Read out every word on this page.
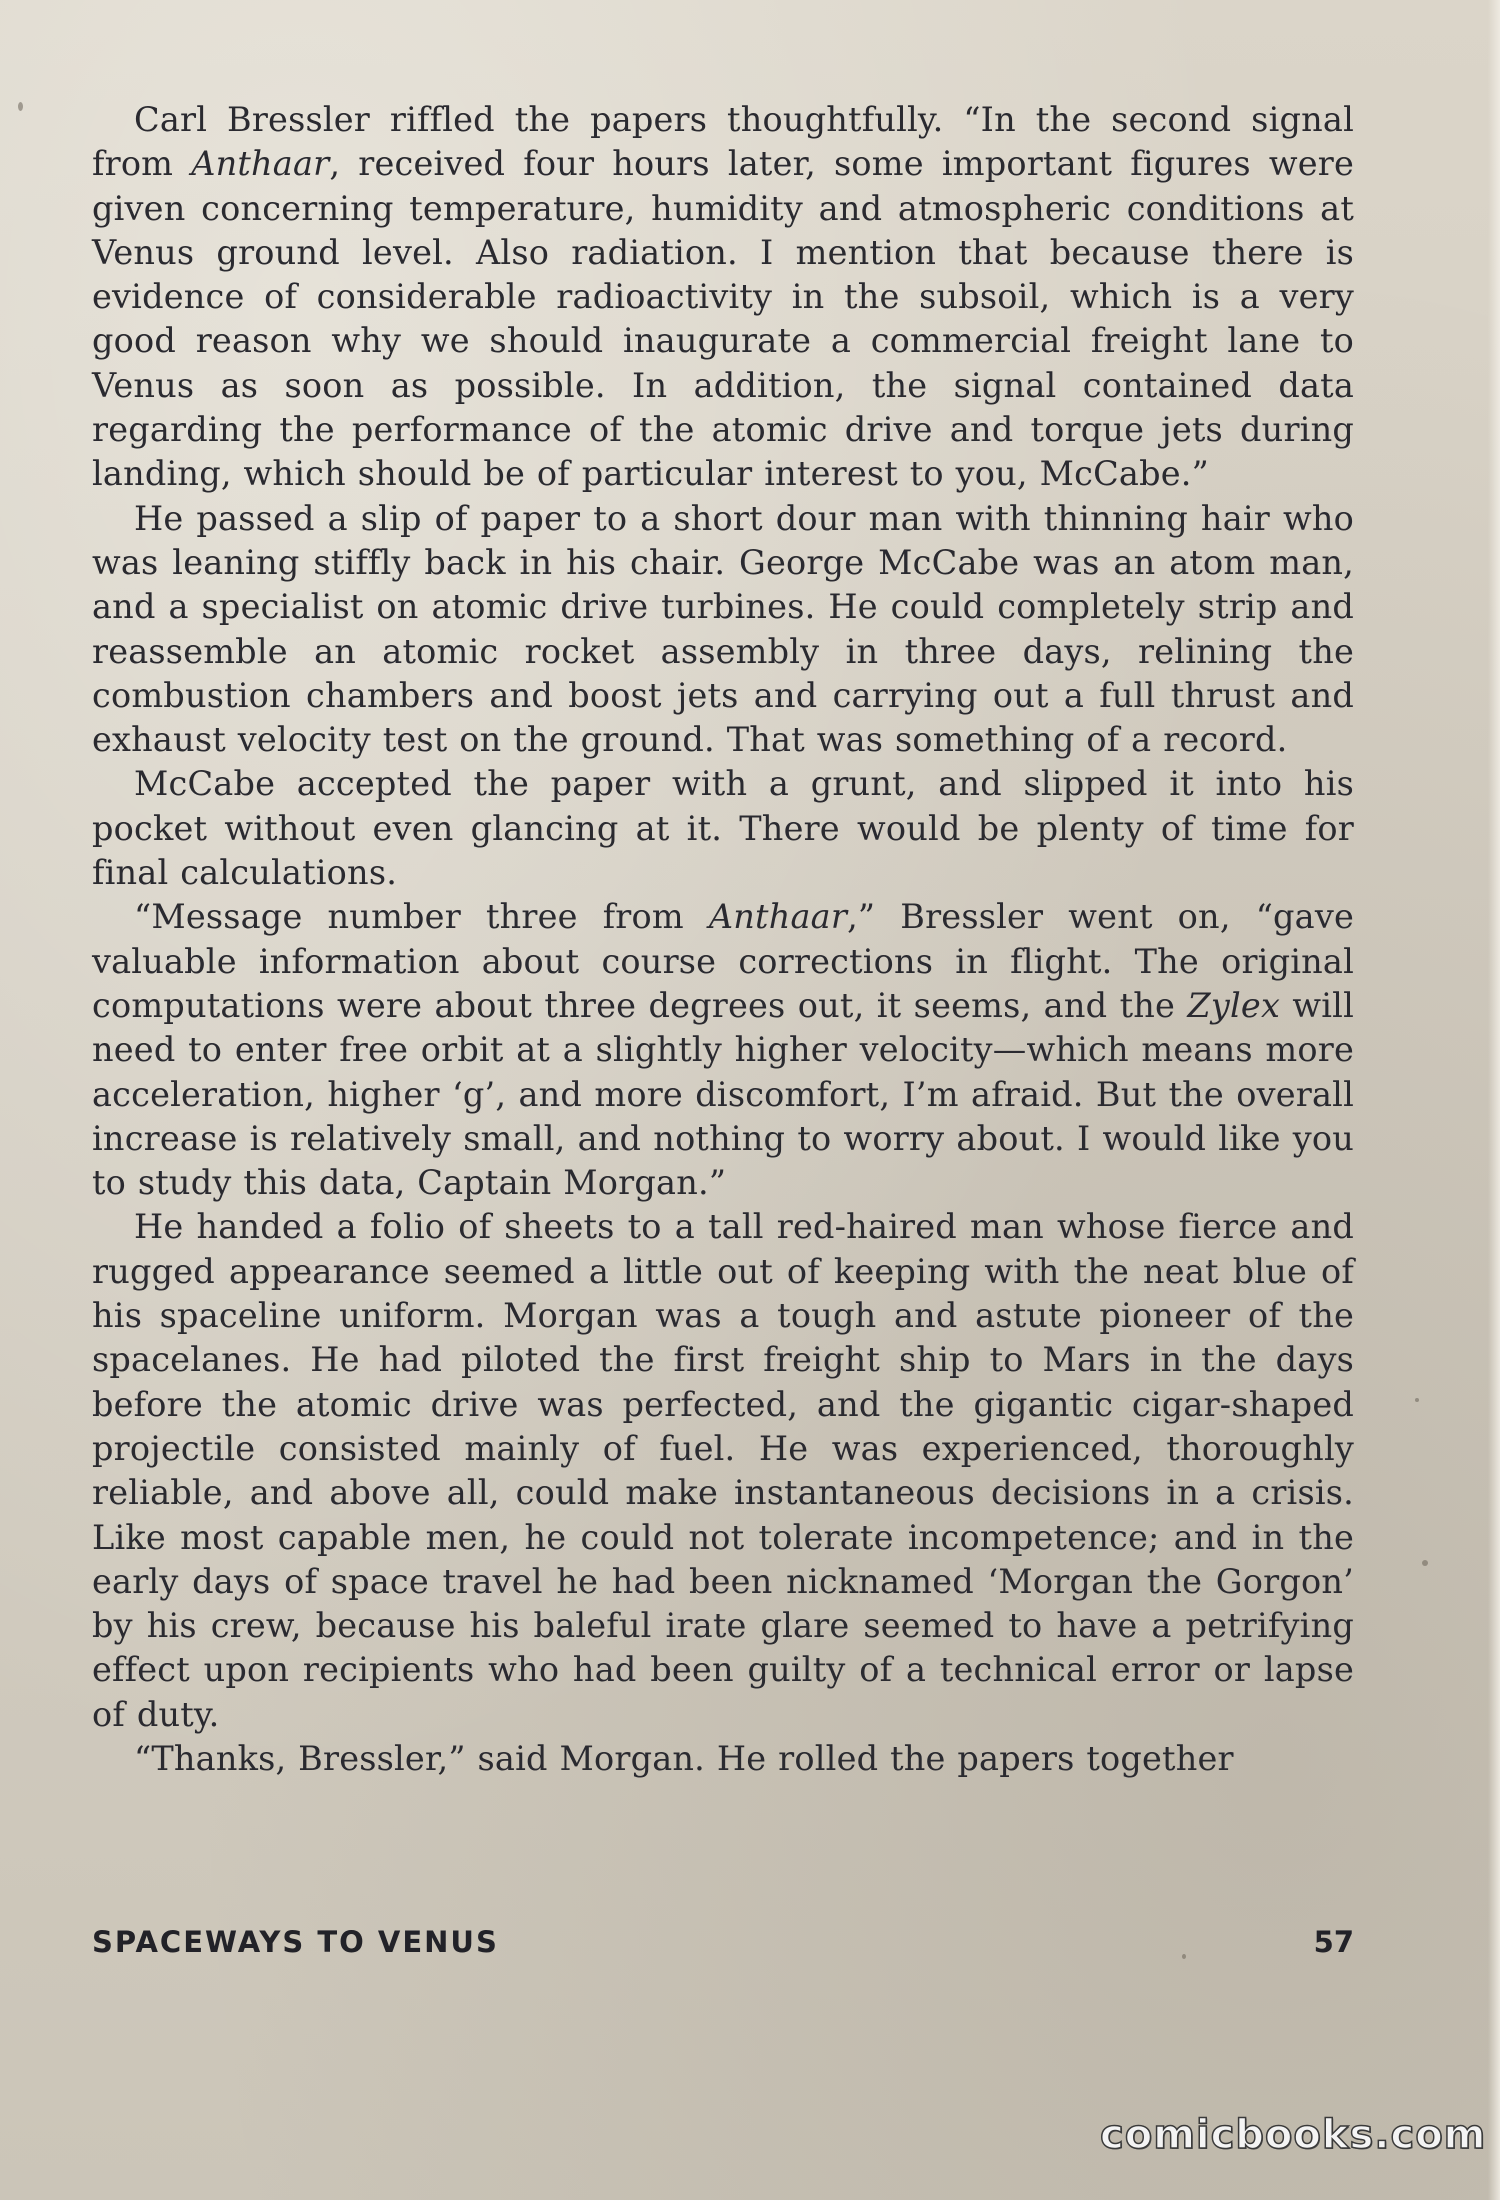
Carl Bressler riffled the papers thoughtfully. “In the second signal from Anthaar, received four hours later, some important figures were given concerning temperature, humidity and atmospheric conditions at Venus ground level. Also radiation. I mention that because there is evidence of considerable radioactivity in the subsoil, which is a very good reason why we should inaugurate a commercial freight lane to Venus as soon as possible. In addition, the signal contained data regarding the performance of the atomic drive and torque jets during landing, which should be of particular interest to you, McCabe.”

He passed a slip of paper to a short dour man with thinning hair who was leaning stiffly back in his chair. George McCabe was an atom man, and a specialist on atomic drive turbines. He could completely strip and reassemble an atomic rocket assembly in three days, relining the combustion chambers and boost jets and carrying out a full thrust and exhaust velocity test on the ground. That was something of a record.

McCabe accepted the paper with a grunt, and slipped it into his pocket without even glancing at it. There would be plenty of time for final calculations.

“Message number three from Anthaar,” Bressler went on, “gave valuable information about course corrections in flight. The original computations were about three degrees out, it seems, and the Zylex will need to enter free orbit at a slightly higher velocity—which means more acceleration, higher ‘g’, and more discomfort, I’m afraid. But the overall increase is relatively small, and nothing to worry about. I would like you to study this data, Captain Morgan.”

He handed a folio of sheets to a tall red-haired man whose fierce and rugged appearance seemed a little out of keeping with the neat blue of his spaceline uniform. Morgan was a tough and astute pioneer of the spacelanes. He had piloted the first freight ship to Mars in the days before the atomic drive was perfected, and the gigantic cigar-shaped projectile consisted mainly of fuel. He was experienced, thoroughly reliable, and above all, could make instantaneous decisions in a crisis. Like most capable men, he could not tolerate incompetence; and in the early days of space travel he had been nicknamed ‘Morgan the Gorgon’ by his crew, because his baleful irate glare seemed to have a petrifying effect upon recipients who had been guilty of a technical error or lapse of duty.

“Thanks, Bressler,” said Morgan. He rolled the papers together

SPACEWAYS TO VENUS	57
comicbooks.com
